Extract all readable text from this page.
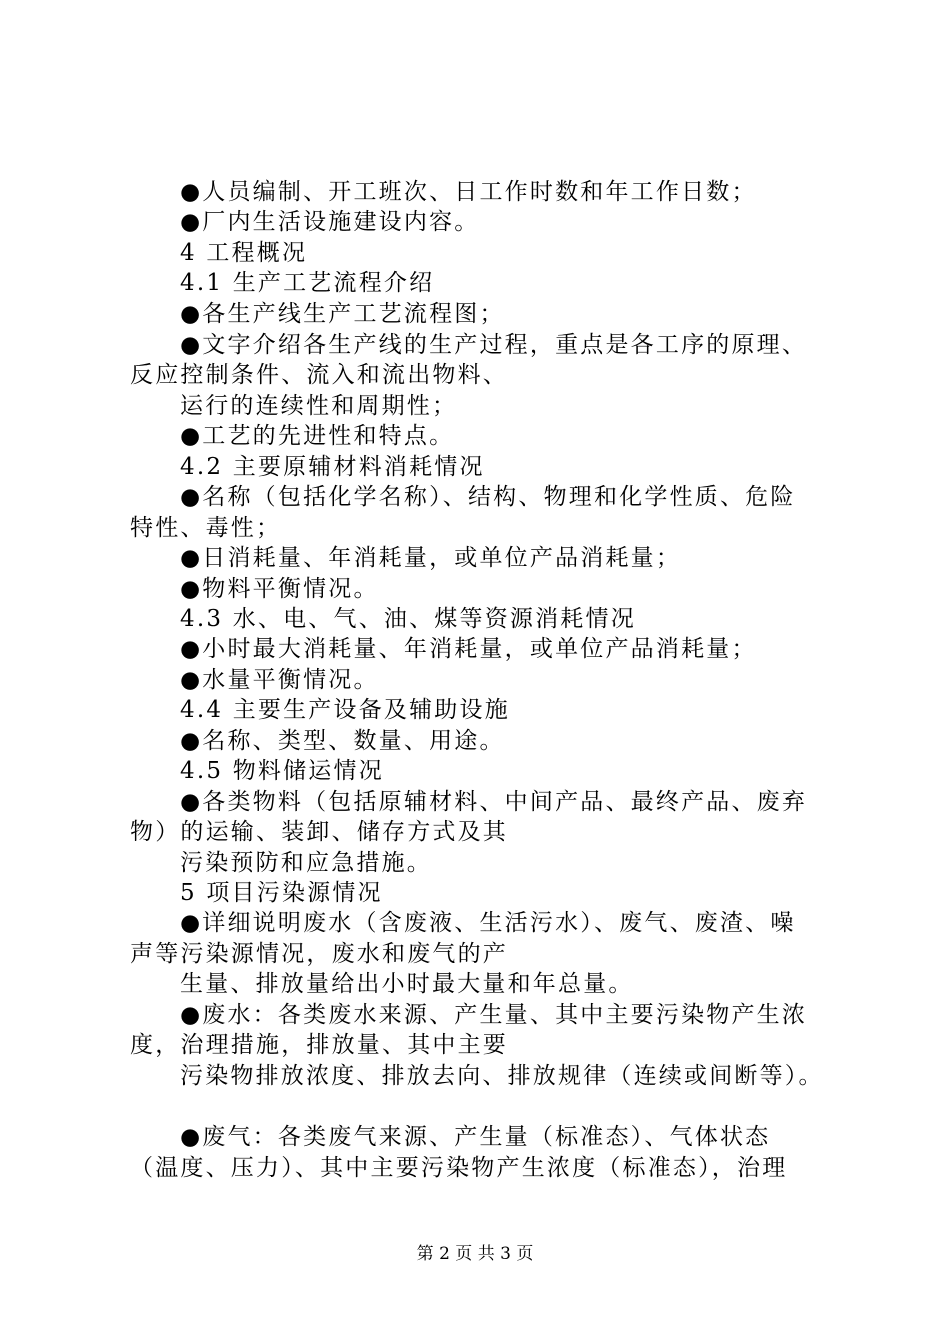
●人员编制、开工班次、日工作时数和年工作日数；
●厂内生活设施建设内容。
4 工程概况
4.1 生产工艺流程介绍
●各生产线生产工艺流程图；
●文字介绍各生产线的生产过程，重点是各工序的原理、
反应控制条件、流入和流出物料、
运行的连续性和周期性；
●工艺的先进性和特点。
4.2 主要原辅材料消耗情况
●名称（包括化学名称）、结构、物理和化学性质、危险
特性、毒性；
●日消耗量、年消耗量，或单位产品消耗量；
●物料平衡情况。
4.3 水、电、气、油、煤等资源消耗情况
●小时最大消耗量、年消耗量，或单位产品消耗量；
●水量平衡情况。
4.4 主要生产设备及辅助设施
●名称、类型、数量、用途。
4.5 物料储运情况
●各类物料（包括原辅材料、中间产品、最终产品、废弃
物）的运输、装卸、储存方式及其
污染预防和应急措施。
5 项目污染源情况
●详细说明废水（含废液、生活污水）、废气、废渣、噪
声等污染源情况，废水和废气的产
生量、排放量给出小时最大量和年总量。
●废水：各类废水来源、产生量、其中主要污染物产生浓
度，治理措施，排放量、其中主要
污染物排放浓度、排放去向、排放规律（连续或间断等）。
●废气：各类废气来源、产生量（标准态）、气体状态
（温度、压力）、其中主要污染物产生浓度（标准态），治理
第 2 页 共 3 页
